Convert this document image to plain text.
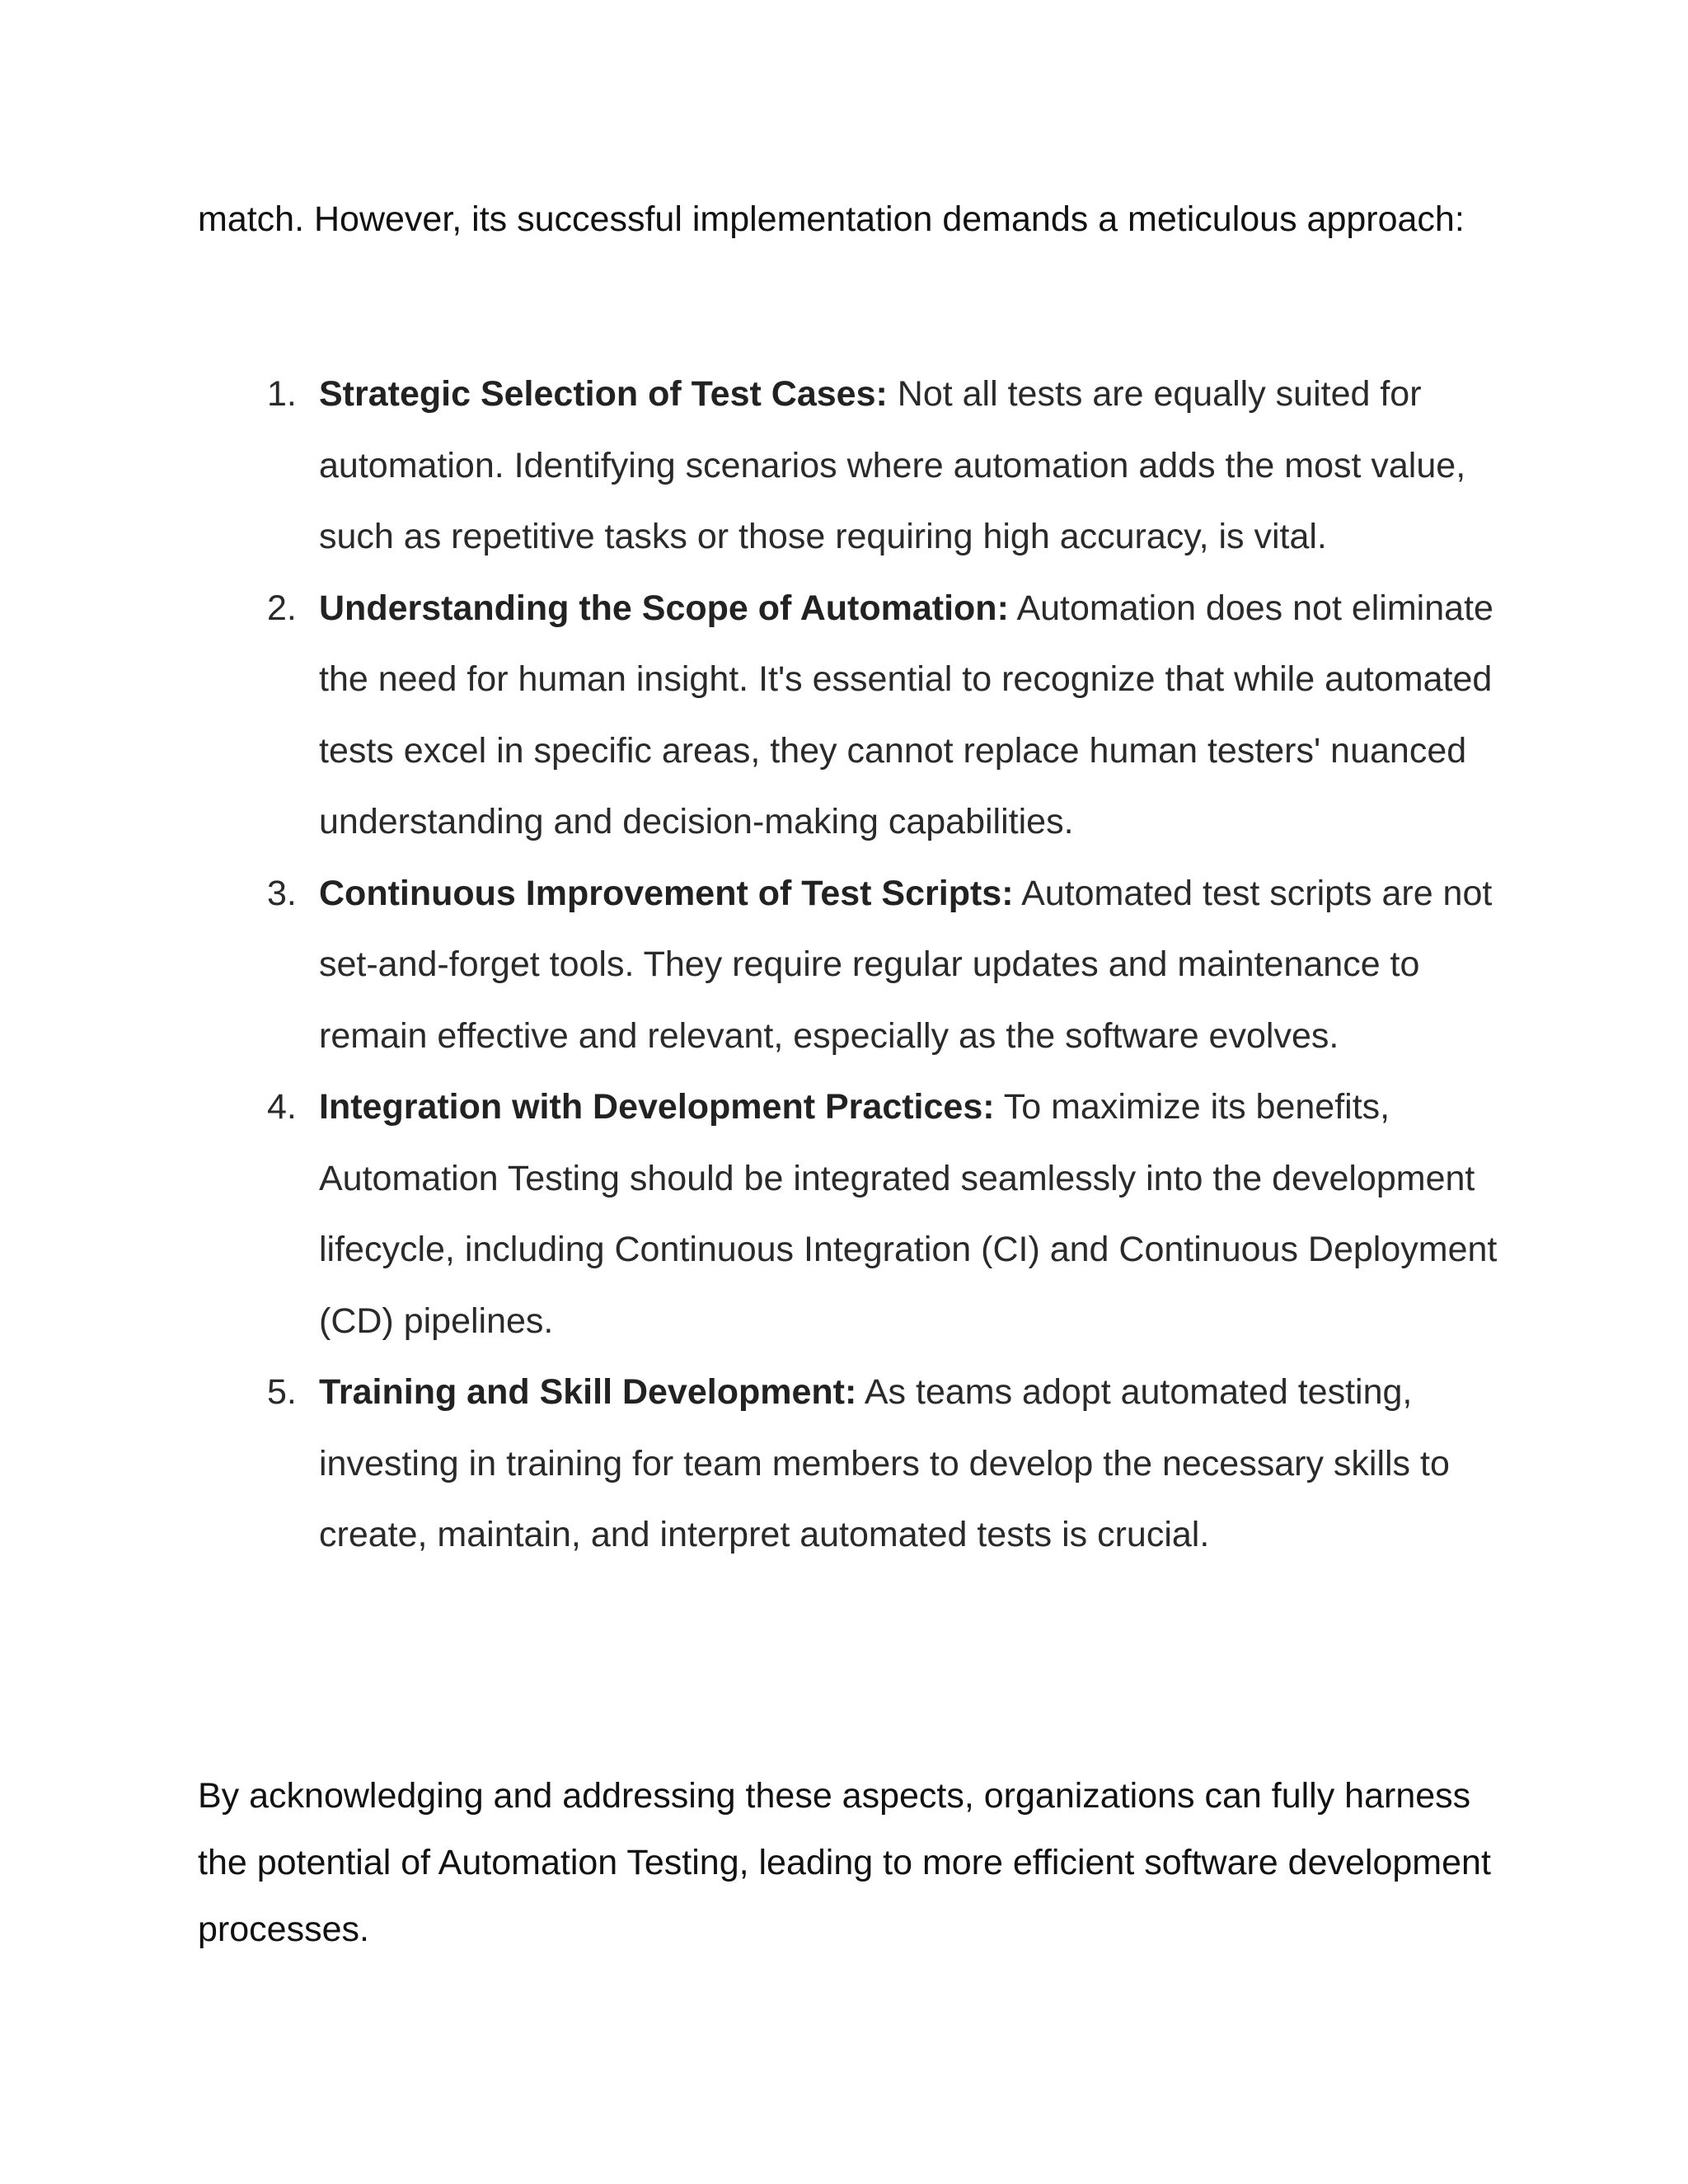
match. However, its successful implementation demands a meticulous approach:

1. Strategic Selection of Test Cases: Not all tests are equally suited for automation. Identifying scenarios where automation adds the most value, such as repetitive tasks or those requiring high accuracy, is vital.
2. Understanding the Scope of Automation: Automation does not eliminate the need for human insight. It's essential to recognize that while automated tests excel in specific areas, they cannot replace human testers' nuanced understanding and decision-making capabilities.
3. Continuous Improvement of Test Scripts: Automated test scripts are not set-and-forget tools. They require regular updates and maintenance to remain effective and relevant, especially as the software evolves.
4. Integration with Development Practices: To maximize its benefits, Automation Testing should be integrated seamlessly into the development lifecycle, including Continuous Integration (CI) and Continuous Deployment (CD) pipelines.
5. Training and Skill Development: As teams adopt automated testing, investing in training for team members to develop the necessary skills to create, maintain, and interpret automated tests is crucial.

By acknowledging and addressing these aspects, organizations can fully harness the potential of Automation Testing, leading to more efficient software development processes.
